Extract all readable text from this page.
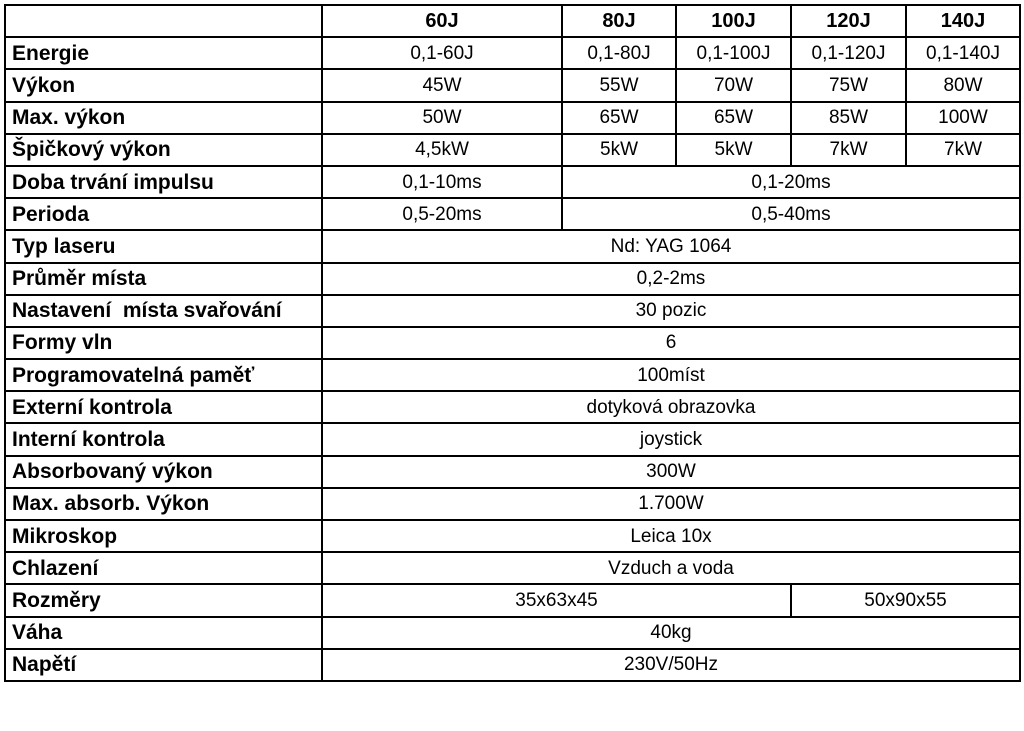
	60J	80J	100J	120J	140J
Energie	0,1-60J	0,1-80J	0,1-100J	0,1-120J	0,1-140J
Výkon	45W	55W	70W	75W	80W
Max. výkon	50W	65W	65W	85W	100W
Špičkový výkon	4,5kW	5kW	5kW	7kW	7kW
Doba trvání impulsu	0,1-10ms	0,1-20ms			
Perioda	0,5-20ms	0,5-40ms			
Typ laseru	Nd: YAG 1064				
Průměr místa	0,2-2ms				
Nastavení  místa svařování	30 pozic				
Formy vln	6				
Programovatelná paměť	100míst				
Externí kontrola	dotyková obrazovka				
Interní kontrola	joystick				
Absorbovaný výkon	300W				
Max. absorb. Výkon	1.700W				
Mikroskop	Leica 10x				
Chlazení	Vzduch a voda				
Rozměry	35x63x45			50x90x55	
Váha	40kg				
Napětí	230V/50Hz				
